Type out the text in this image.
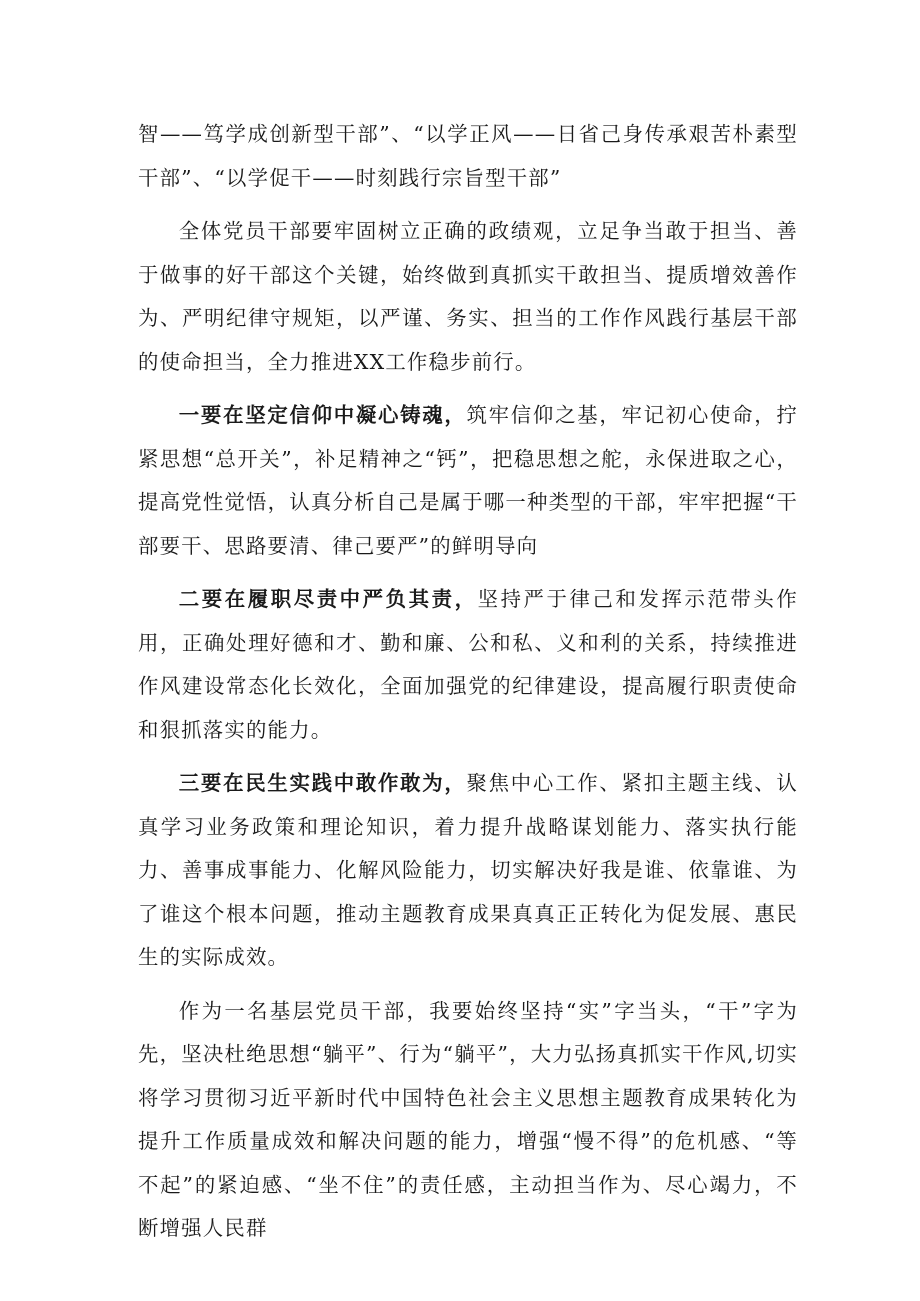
智——笃学成创新型干部”、“以学正风——日省己身传承艰苦朴素型干部”、“以学促干——时刻践行宗旨型干部”

全体党员干部要牢固树立正确的政绩观，立足争当敢于担当、善于做事的好干部这个关键，始终做到真抓实干敢担当、提质增效善作为、严明纪律守规矩，以严谨、务实、担当的工作作风践行基层干部的使命担当，全力推进XX工作稳步前行。

一要在坚定信仰中凝心铸魂，筑牢信仰之基，牢记初心使命，拧紧思想“总开关”，补足精神之“钙”，把稳思想之舵，永保进取之心，提高党性觉悟，认真分析自己是属于哪一种类型的干部，牢牢把握“干部要干、思路要清、律己要严”的鲜明导向

二要在履职尽责中严负其责，坚持严于律己和发挥示范带头作用，正确处理好德和才、勤和廉、公和私、义和利的关系，持续推进作风建设常态化长效化，全面加强党的纪律建设，提高履行职责使命和狠抓落实的能力。

三要在民生实践中敢作敢为，聚焦中心工作、紧扣主题主线、认真学习业务政策和理论知识，着力提升战略谋划能力、落实执行能力、善事成事能力、化解风险能力，切实解决好我是谁、依靠谁、为了谁这个根本问题，推动主题教育成果真真正正转化为促发展、惠民生的实际成效。

作为一名基层党员干部，我要始终坚持“实”字当头，“干”字为先，坚决杜绝思想“躺平”、行为“躺平”，大力弘扬真抓实干作风,切实将学习贯彻习近平新时代中国特色社会主义思想主题教育成果转化为提升工作质量成效和解决问题的能力，增强“慢不得”的危机感、“等不起”的紧迫感、“坐不住”的责任感，主动担当作为、尽心竭力，不断增强人民群
